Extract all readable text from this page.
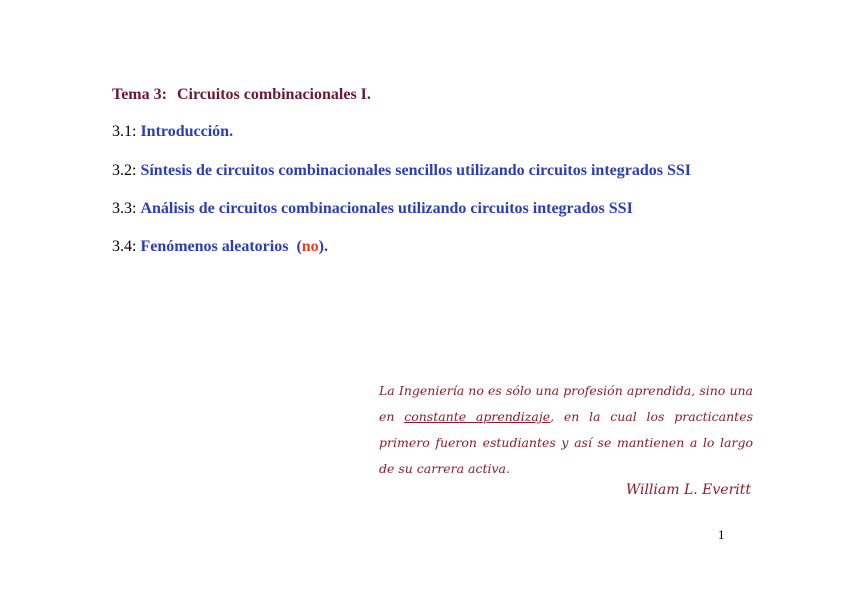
Tema 3: Circuitos combinacionales I.
3.1: Introducción.
3.2: Síntesis de circuitos combinacionales sencillos utilizando circuitos integrados SSI
3.3: Análisis de circuitos combinacionales utilizando circuitos integrados SSI
3.4: Fenómenos aleatorios (no).
La Ingeniería no es sólo una profesión aprendida, sino una en constante aprendizaje, en la cual los practicantes primero fueron estudiantes y así se mantienen a lo largo de su carrera activa.
William L. Everitt
1
